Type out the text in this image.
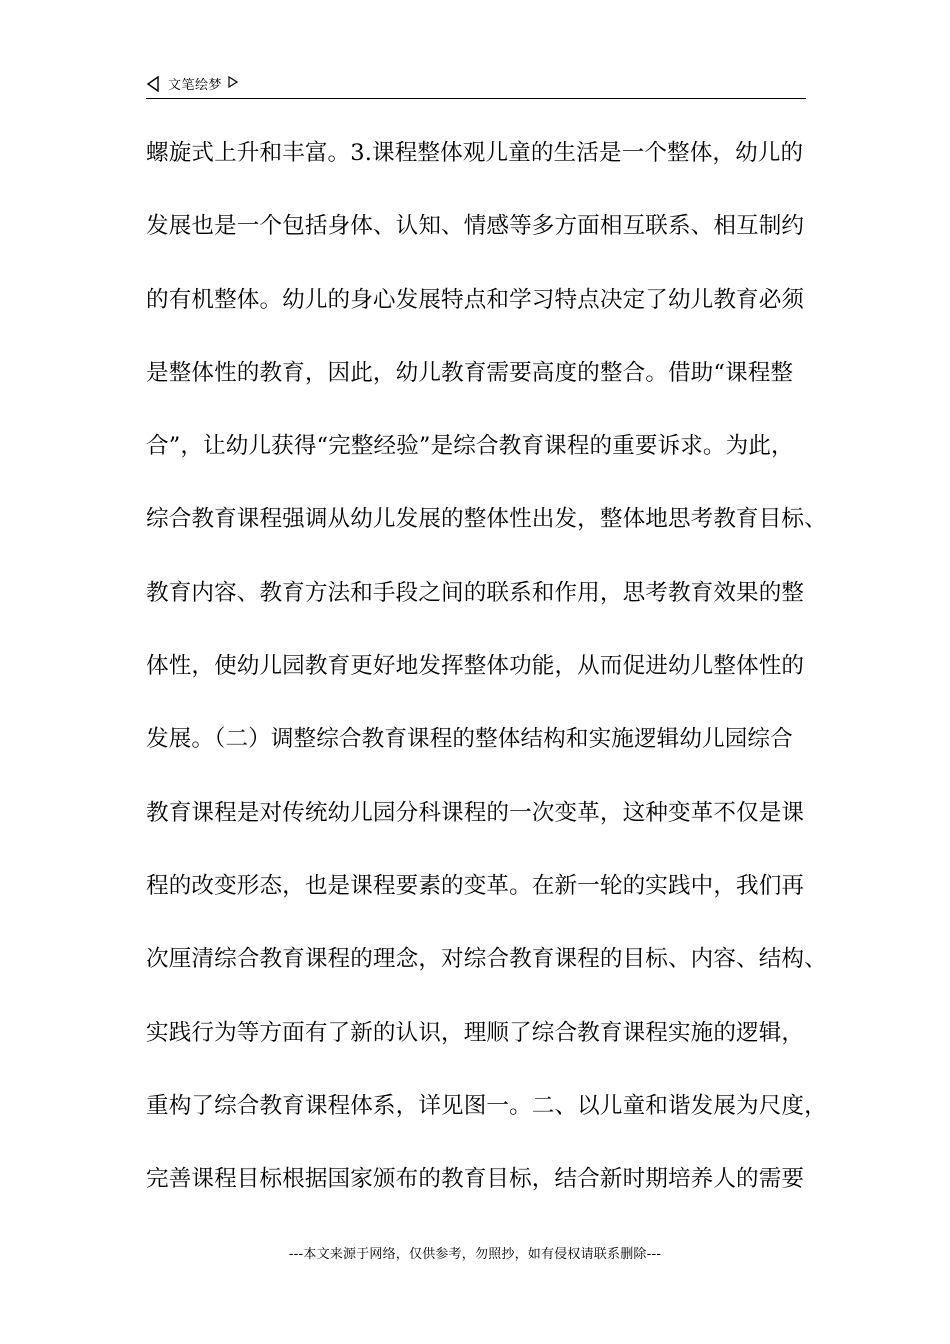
文笔绘梦
螺旋式上升和丰富。3.课程整体观儿童的生活是一个整体，幼儿的
发展也是一个包括身体、认知、情感等多方面相互联系、相互制约
的有机整体。幼儿的身心发展特点和学习特点决定了幼儿教育必须
是整体性的教育，因此，幼儿教育需要高度的整合。借助“课程整
合”，让幼儿获得“完整经验”是综合教育课程的重要诉求。为此，
综合教育课程强调从幼儿发展的整体性出发，整体地思考教育目标、
教育内容、教育方法和手段之间的联系和作用，思考教育效果的整
体性，使幼儿园教育更好地发挥整体功能，从而促进幼儿整体性的
发展。（二）调整综合教育课程的整体结构和实施逻辑幼儿园综合
教育课程是对传统幼儿园分科课程的一次变革，这种变革不仅是课
程的改变形态，也是课程要素的变革。在新一轮的实践中，我们再
次厘清综合教育课程的理念，对综合教育课程的目标、内容、结构、
实践行为等方面有了新的认识，理顺了综合教育课程实施的逻辑，
重构了综合教育课程体系，详见图一。二、以儿童和谐发展为尺度，
完善课程目标根据国家颁布的教育目标，结合新时期培养人的需要
---本文来源于网络，仅供参考，勿照抄，如有侵权请联系删除---
